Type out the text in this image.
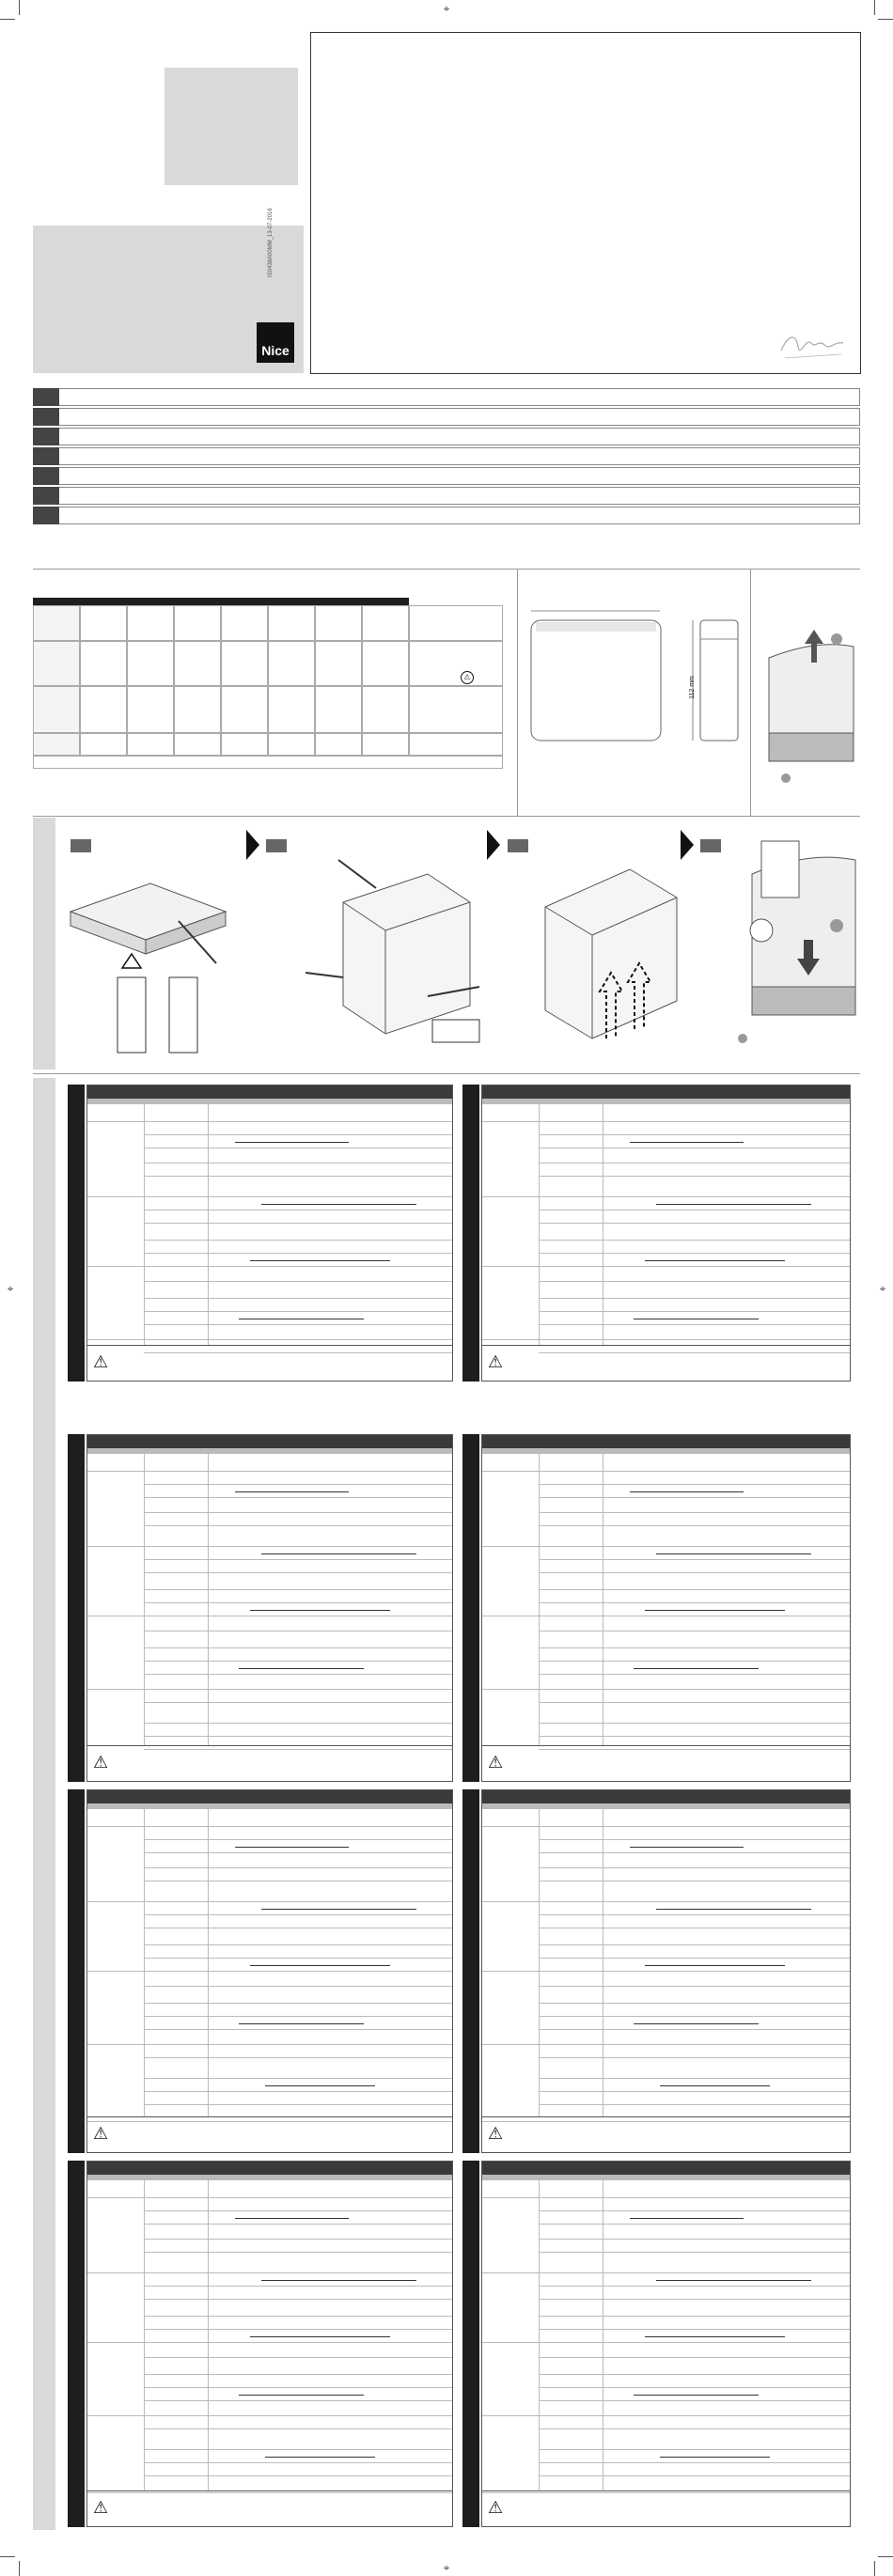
⌖
⌖
⌖	⌖
IS0438A00MM_13-07-2016
Nice
⚠	112 mm
⚠	⚠
⚠	⚠
⚠	⚠
⚠	⚠
